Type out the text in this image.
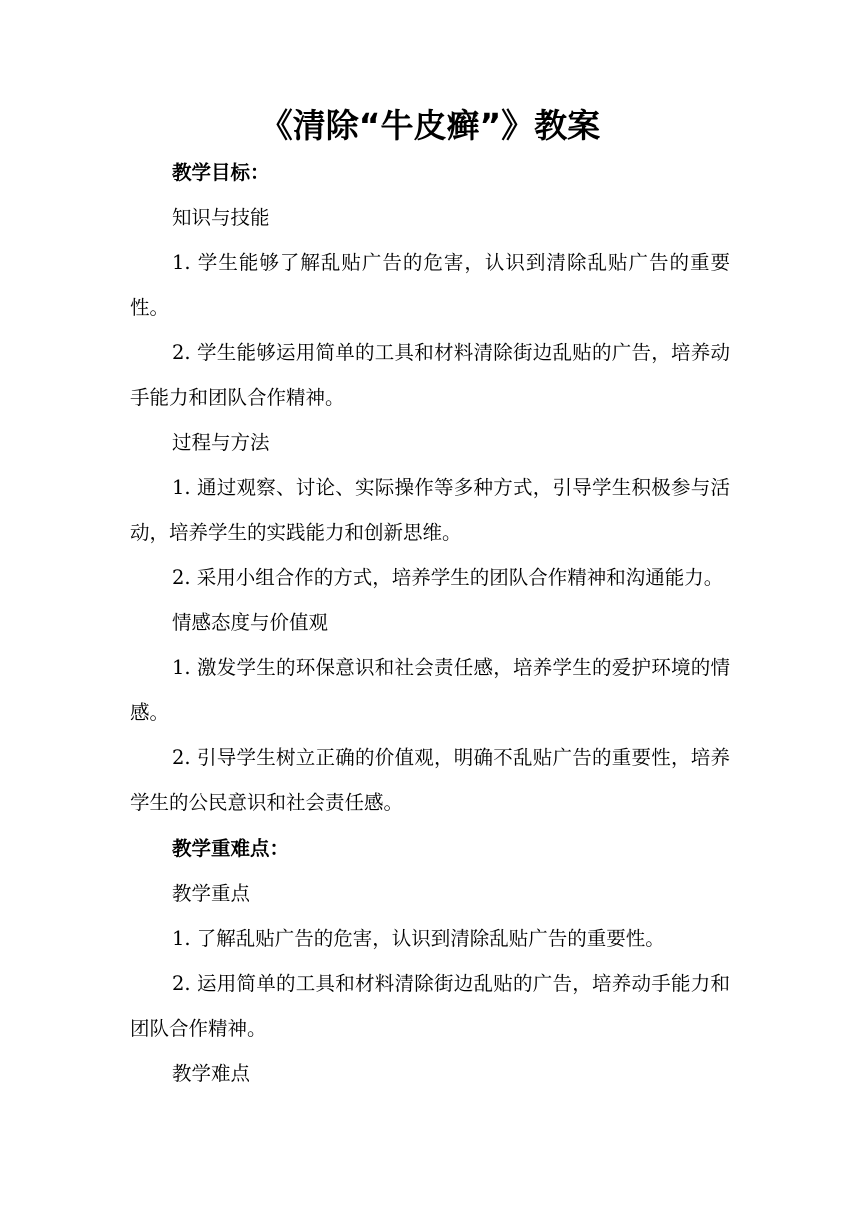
《清除“牛皮癣”》教案
教学目标：
知识与技能
1. 学生能够了解乱贴广告的危害，认识到清除乱贴广告的重要性。
2. 学生能够运用简单的工具和材料清除街边乱贴的广告，培养动手能力和团队合作精神。
过程与方法
1. 通过观察、讨论、实际操作等多种方式，引导学生积极参与活动，培养学生的实践能力和创新思维。
2. 采用小组合作的方式，培养学生的团队合作精神和沟通能力。
情感态度与价值观
1. 激发学生的环保意识和社会责任感，培养学生的爱护环境的情感。
2. 引导学生树立正确的价值观，明确不乱贴广告的重要性，培养学生的公民意识和社会责任感。
教学重难点：
教学重点
1. 了解乱贴广告的危害，认识到清除乱贴广告的重要性。
2. 运用简单的工具和材料清除街边乱贴的广告，培养动手能力和团队合作精神。
教学难点
